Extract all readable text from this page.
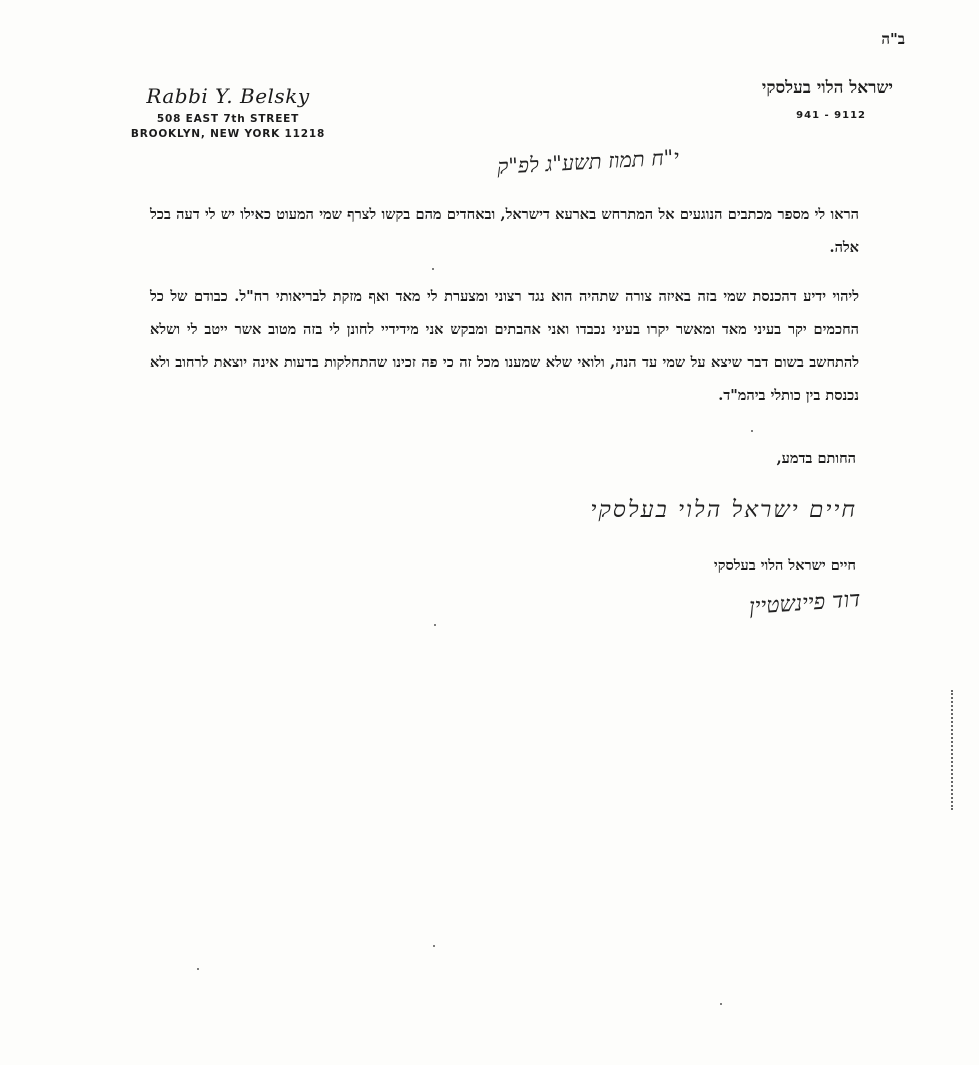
ב"ה
Rabbi Y. Belsky
508 EAST 7th STREET
BROOKLYN, NEW YORK 11218
ישראל הלוי בעלסקי
941 - 9112
י"ח תמוז תשע"ג לפ"ק
הראו לי מספר מכתבים הנוגעים אל המתרחש בארעא דישראל, ובאחדים מהם בקשו לצרף שמי המעוט כאילו יש לי דעה בכל אלה.
ליהוי ידיע דהכנסת שמי בזה באיזה צורה שתהיה הוא נגד רצוני ומצערת לי מאד ואף מזקת לבריאותי רח"ל. כבודם של כל החכמים יקר בעיני מאד ומאשר יקרו בעיני נכבדו ואני אהבתים ומבקש אני מידידיי לחונן לי בזה מטוב אשר ייטב לי ושלא להתחשב בשום דבר שיצא על שמי עד הנה, ולואי שלא שמענו מכל זה כי פה זכינו שהתחלקות בדעות אינה יוצאת לרחוב ולא נכנסת בין כותלי ביהמ"ד.
החותם בדמע,
חיים ישראל הלוי בעלסקי
חיים ישראל הלוי בעלסקי
דוד פיינשטיין
